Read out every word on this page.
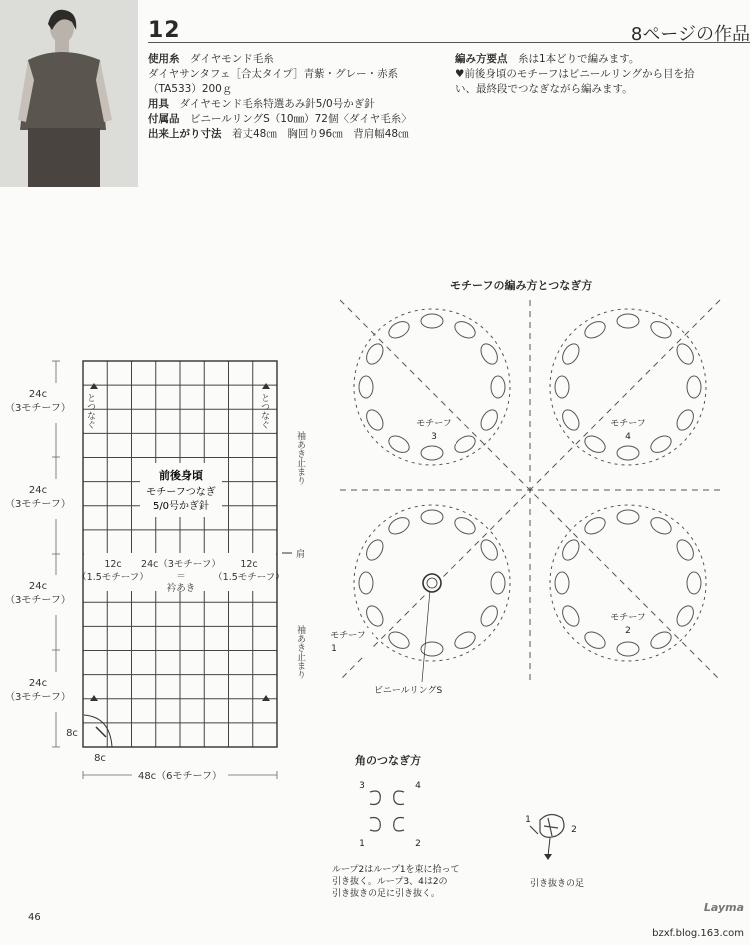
12	8ページの作品
使用糸　 ダイヤモンド毛糸
ダイヤサンタフェ［合太タイプ］青紫・グレー・赤系
（TA533）200ｇ
用具　 ダイヤモンド毛糸特選あみ針5/0号かぎ針
付属品　 ビニールリングS（10㎜）72個〈ダイヤ毛糸〉
出来上がり寸法　 着丈48㎝　胸回り96㎝　背肩幅48㎝
編み方要点　 糸は1本どりで編みます。
♥前後身頃のモチーフはビニールリングから目を拾
い、最終段でつなぎながら編みます。
24c
（3モチーフ）
24c
（3モチーフ）
24c
（3モチーフ）
24c
（3モチーフ）
48c（6モチーフ）
8c
8c
前後身頃
モチーフつなぎ
5/0号かぎ針
12c
（1.5モチーフ）
24c（3モチーフ）
＝
衿あき
12c
（1.5モチーフ）
とつなぐ	とつなぐ
肩
袖あき止まり
袖あき止まり
モチーフの編み方とつなぎ方
モチーフ
3
モチーフ
4
モチーフ
2
モチーフ
1
ビニールリングS
角のつなぎ方
3	4
1	2
1
2
ループ2はループ1を束に拾って
引き抜く。ループ3、4は2の
引き抜きの足に引き抜く。
引き抜きの足
46
Layma
bzxf.blog.163.com
